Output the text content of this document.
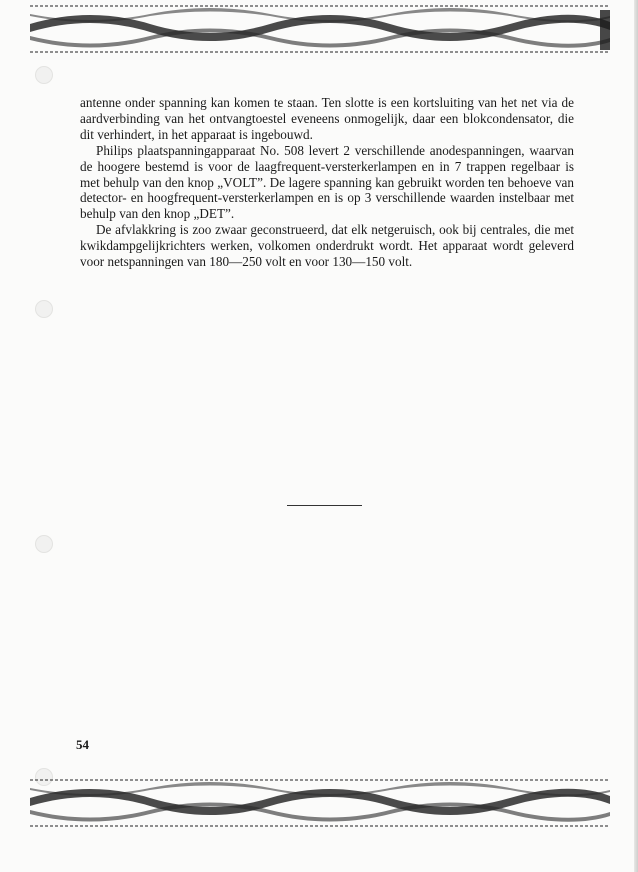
antenne onder spanning kan komen te staan. Ten slotte is een kortsluiting van het net via de aardverbinding van het ontvangtoestel eveneens onmogelijk, daar een blokcondensator, die dit verhindert, in het apparaat is ingebouwd.

Philips plaatspanningapparaat No. 508 levert 2 verschillende anodespanningen, waarvan de hoogere bestemd is voor de laagfrequent-versterkerlampen en in 7 trappen regelbaar is met behulp van den knop „VOLT”. De lagere spanning kan gebruikt worden ten behoeve van detector- en hoogfrequent-versterkerlampen en is op 3 verschillende waarden instelbaar met behulp van den knop „DET”.

De afvlakkring is zoo zwaar geconstrueerd, dat elk netgeruisch, ook bij centrales, die met kwikdampgelijkrichters werken, volkomen onderdrukt wordt. Het apparaat wordt geleverd voor netspanningen van 180—250 volt en voor 130—150 volt.

54
